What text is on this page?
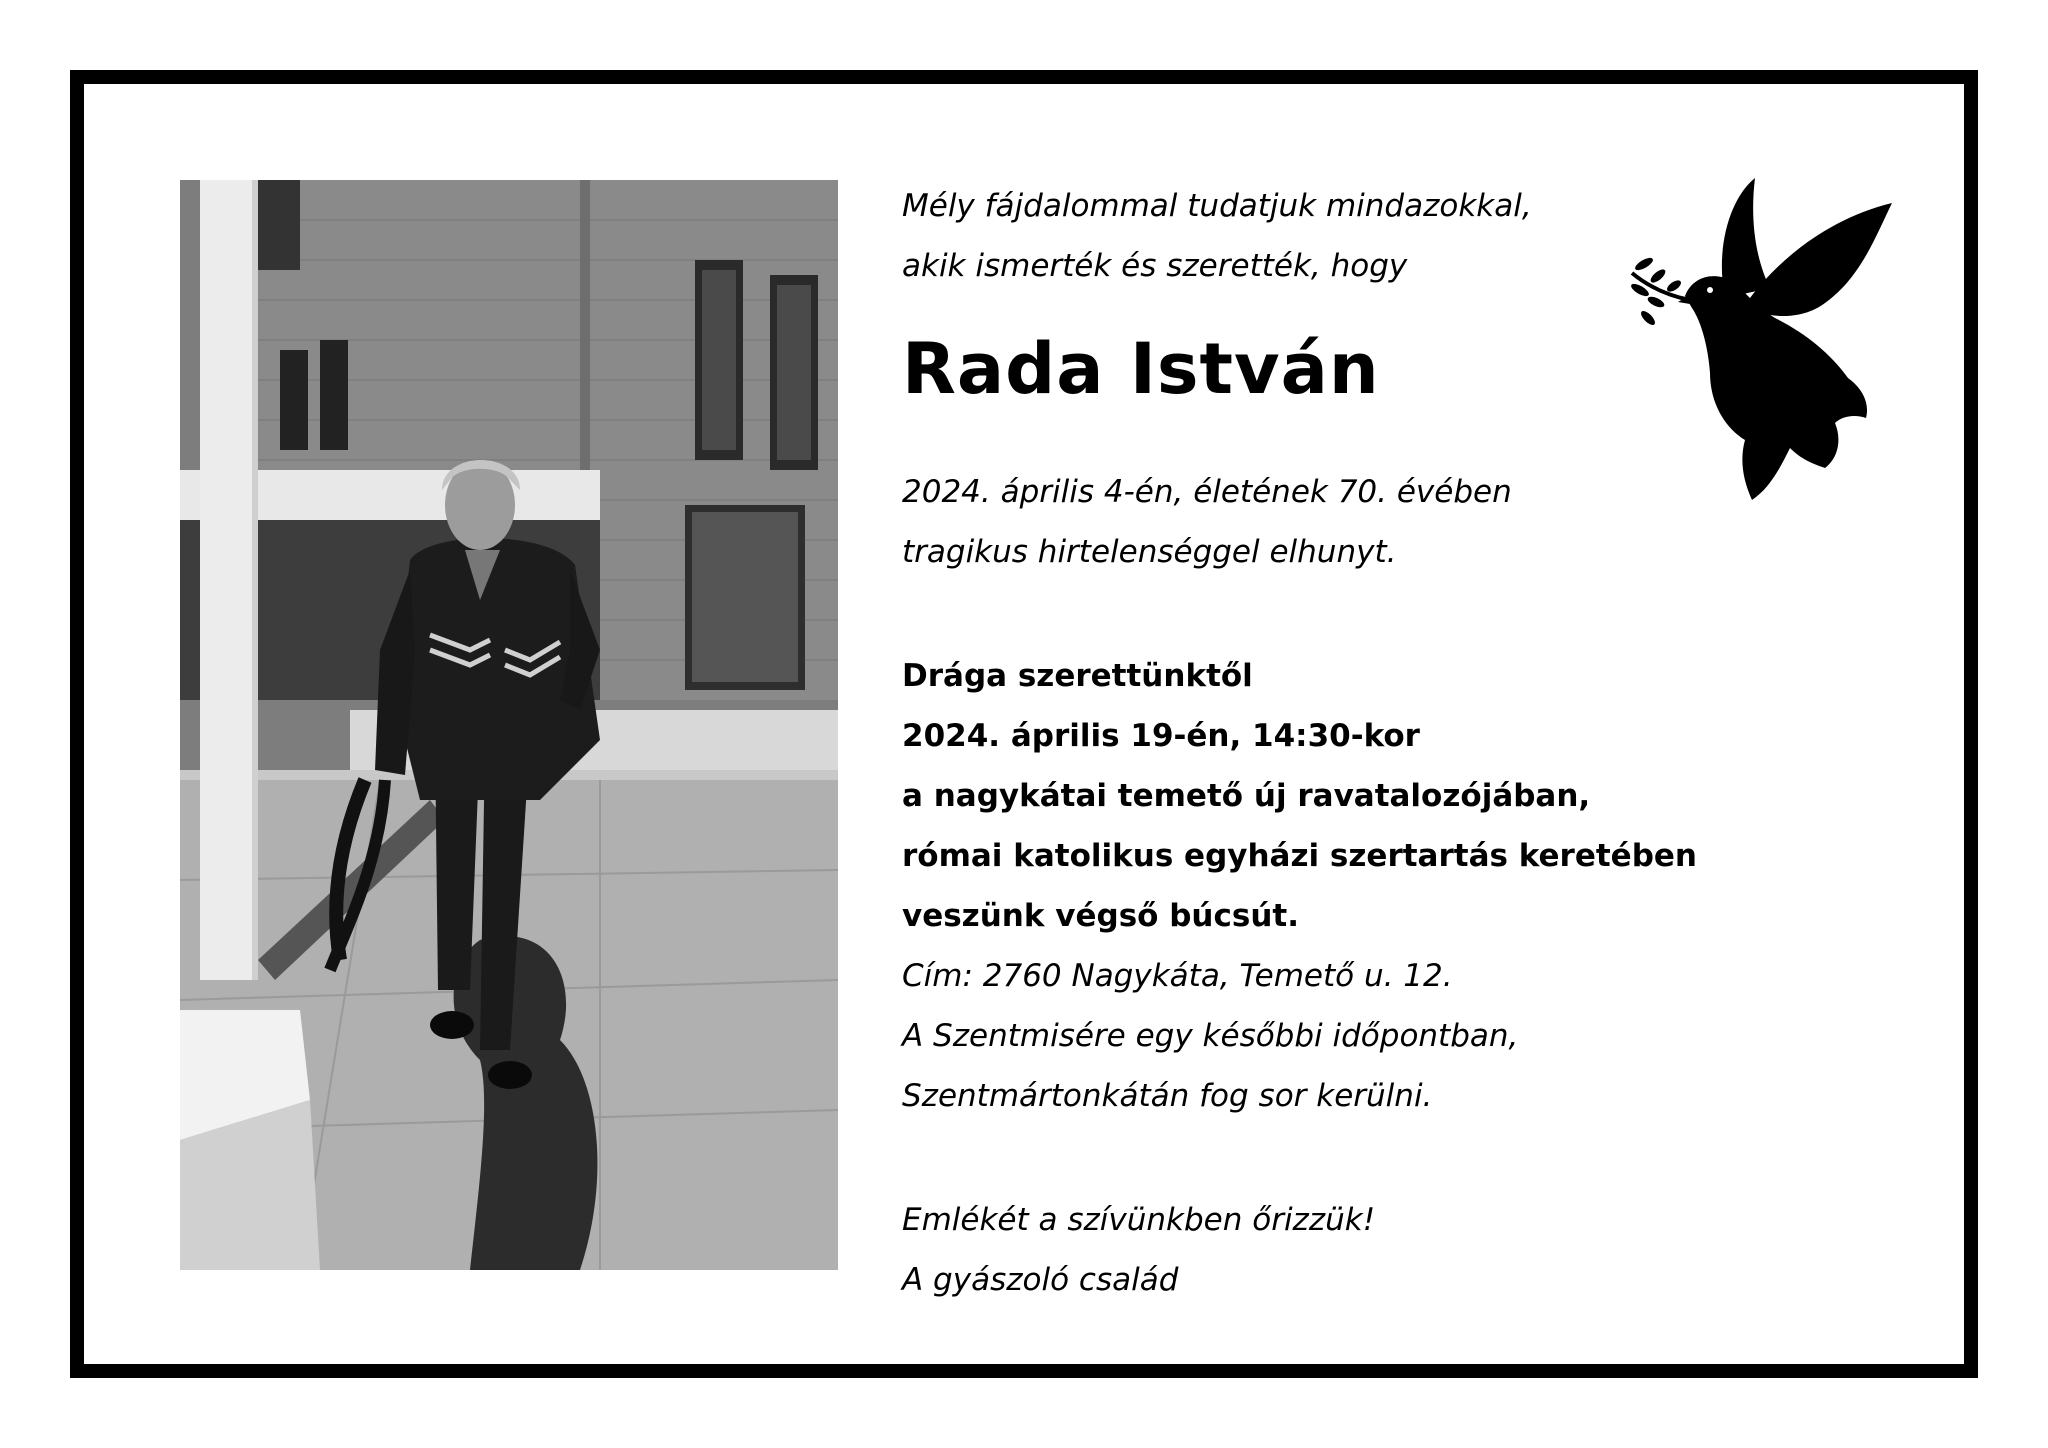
Mély fájdalommal tudatjuk mindazokkal,
akik ismerték és szerették, hogy
Rada István
2024. április 4-én, életének 70. évében
tragikus hirtelenséggel elhunyt.
Drága szerettünktől
2024. április 19-én, 14:30-kor
a nagykátai temető új ravatalozójában,
római katolikus egyházi szertartás keretében
veszünk végső búcsút.
Cím: 2760 Nagykáta, Temető u. 12.
A Szentmisére egy későbbi időpontban,
Szentmártonkátán fog sor kerülni.
Emlékét a szívünkben őrizzük!
A gyászoló család
